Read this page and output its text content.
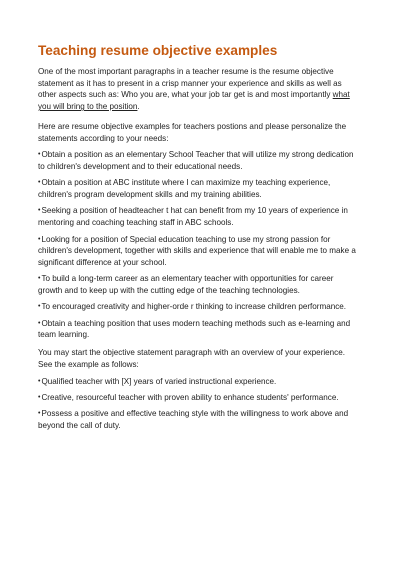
Teaching resume objective examples

One of the most important paragraphs in a teacher resume is the resume objective statement as it has to present in a crisp manner your experience and skills as well as other aspects such as: Who you are, what your job tar get is and most importantly what you will bring to the position.

Here are resume objective examples for teachers postions and please personalize the statements according to your needs:

•Obtain a position as an elementary School Teacher that will utilize my strong dedication to children's development and to their educational needs.
•Obtain a position at ABC institute where I can maximize my teaching experience, children's program development skills and my training abilities.
•Seeking a position of headteacher t hat can benefit from my 10 years of experience in mentoring and coaching teaching staff in ABC schools.
•Looking for a position of Special education teaching to use my strong passion for children's development, together with skills and experience that will enable me to make a significant difference at your school.
•To build a long-term career as an elementary teacher with opportunities for career growth and to keep up with the cutting edge of the teaching technologies.
•To encouraged creativity and higher-orde r thinking to increase children performance.
•Obtain a teaching position that uses modern teaching methods such as e-learning and team learning.

You may start the objective statement paragraph with an overview of your experience. See the example as follows:

•Qualified teacher with [X] years of varied instructional experience.
•Creative, resourceful teacher with proven ability to enhance students' performance.
•Possess a positive and effective teaching style with the willingness to work above and beyond the call of duty.
